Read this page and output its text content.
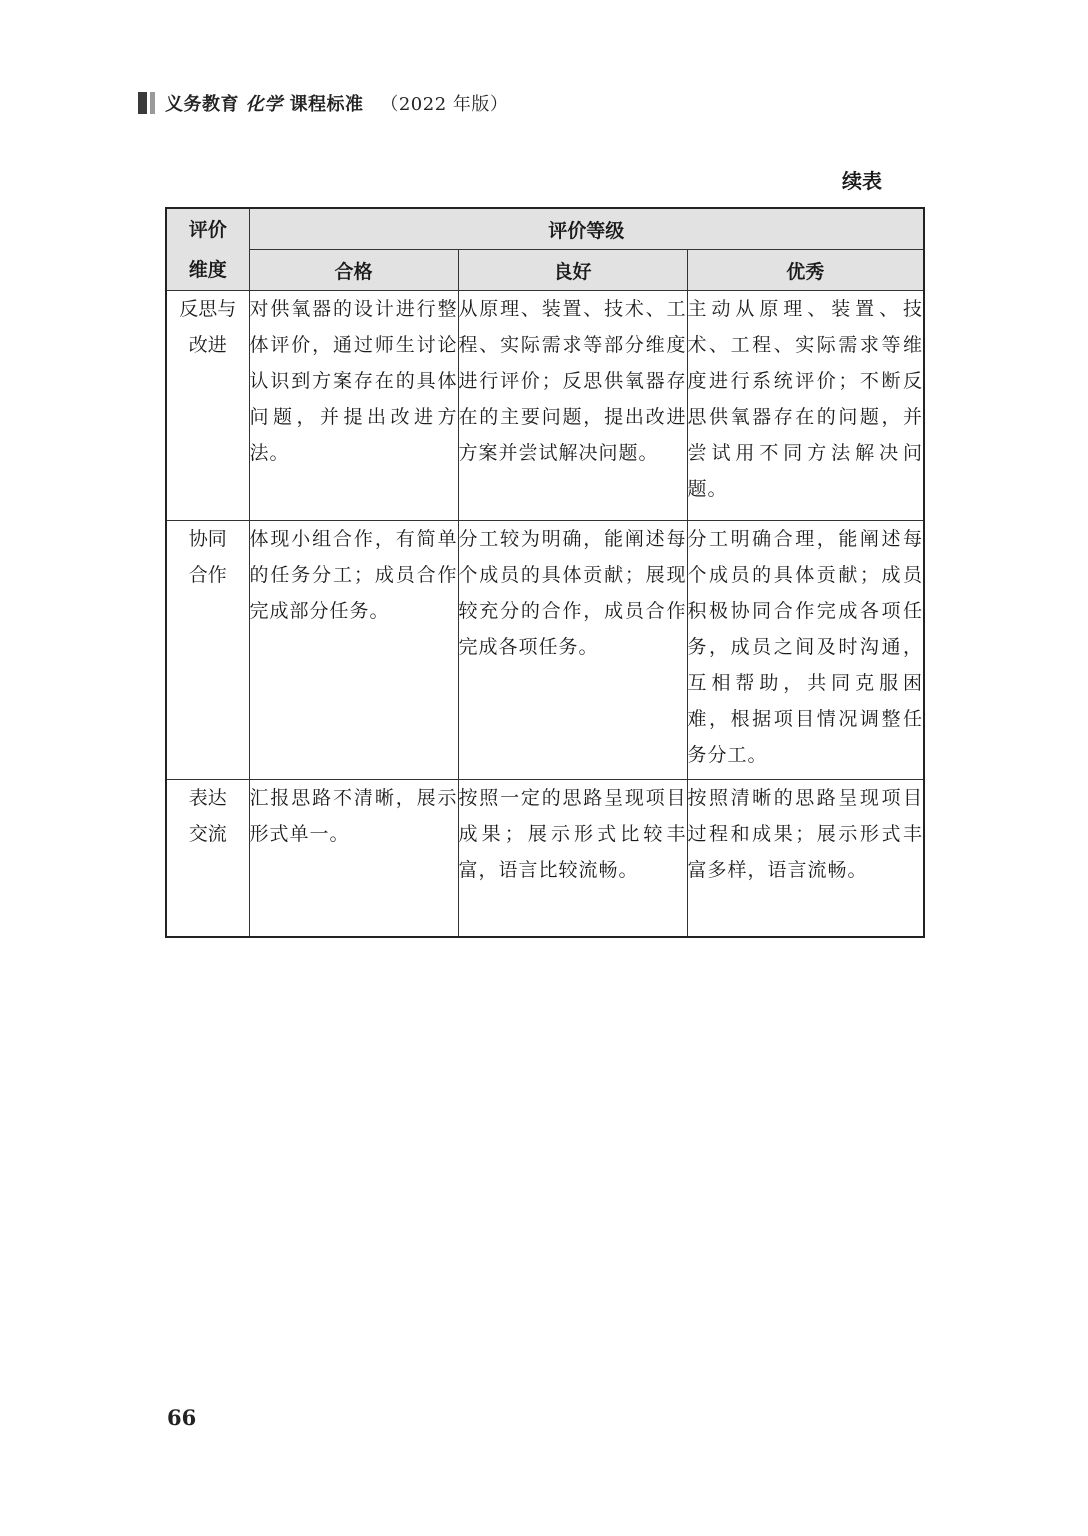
义务教育 化学 课程标准 （2022 年版）
续表
评价
维度	评价等级		
	合格	良好	优秀

反思与
改进	对供氧器的设计进行整体评价，通过师生讨论认识到方案存在的具体问题，并提出改进方法。	从原理、装置、技术、工程、实际需求等部分维度进行评价；反思供氧器存在的主要问题，提出改进方案并尝试解决问题。	主动从原理、装置、技术、工程、实际需求等维度进行系统评价；不断反思供氧器存在的问题，并尝试用不同方法解决问题。

协同
合作	体现小组合作，有简单的任务分工；成员合作完成部分任务。	分工较为明确，能阐述每个成员的具体贡献；展现较充分的合作，成员合作完成各项任务。	分工明确合理，能阐述每个成员的具体贡献；成员积极协同合作完成各项任务，成员之间及时沟通，互相帮助，共同克服困难，根据项目情况调整任务分工。

表达
交流	汇报思路不清晰，展示形式单一。	按照一定的思路呈现项目成果；展示形式比较丰富，语言比较流畅。	按照清晰的思路呈现项目过程和成果；展示形式丰富多样，语言流畅。
66
